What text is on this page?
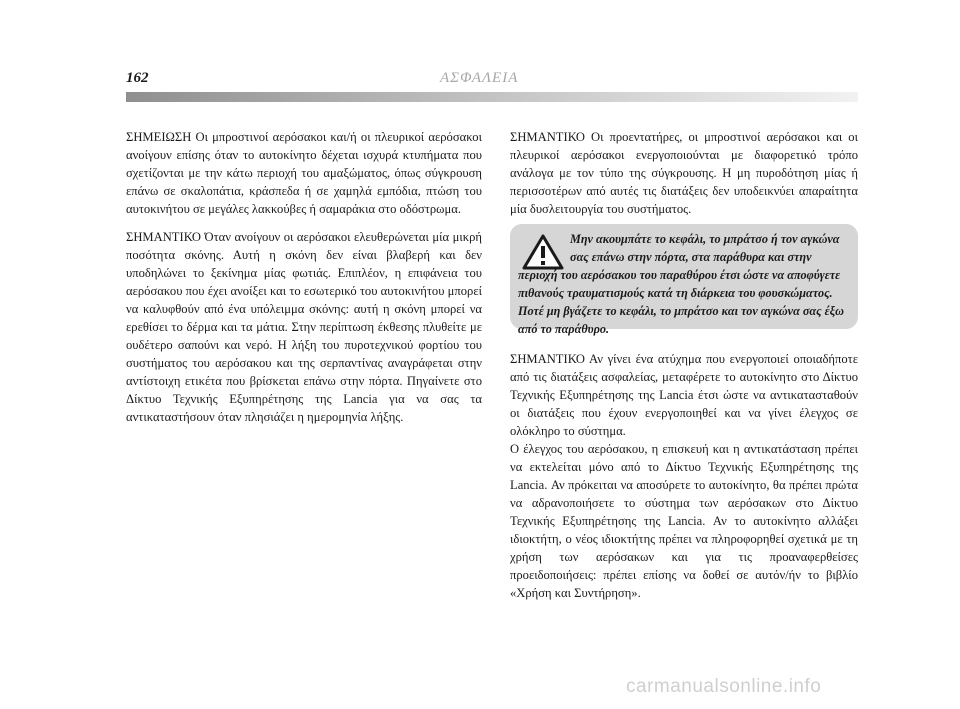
162	ΑΣΦΑΛΕΙΑ

ΣΗΜΕΙΩΣΗ Οι μπροστινοί αερόσακοι και/ή οι πλευρικοί αερόσακοι ανοίγουν επίσης όταν το αυτοκίνητο δέχεται ισχυρά κτυπήματα που σχετίζονται με την κάτω περιοχή του αμαξώματος, όπως σύγκρουση επάνω σε σκαλοπάτια, κράσπεδα ή σε χαμηλά εμπόδια, πτώση του αυτοκινήτου σε μεγάλες λακκούβες ή σαμαράκια στο οδόστρωμα.

ΣΗΜΑΝΤΙΚΟ Όταν ανοίγουν οι αερόσακοι ελευθερώνεται μία μικρή ποσότητα σκόνης. Αυτή η σκόνη δεν είναι βλαβερή και δεν υποδηλώνει το ξεκίνημα μίας φωτιάς. Επιπλέον, η επιφάνεια του αερόσακου που έχει ανοίξει και το εσωτερικό του αυτοκινήτου μπορεί να καλυφθούν από ένα υπόλειμμα σκόνης: αυτή η σκόνη μπορεί να ερεθίσει το δέρμα και τα μάτια. Στην περίπτωση έκθεσης πλυθείτε με ουδέτερο σαπούνι και νερό. Η λήξη του πυροτεχνικού φορτίου του συστήματος του αερόσακου και της σερπαντίνας αναγράφεται στην αντίστοιχη ετικέτα που βρίσκεται επάνω στην πόρτα. Πηγαίνετε στο Δίκτυο Τεχνικής Εξυπηρέτησης της Lancia για να σας τα αντικαταστήσουν όταν πλησιάζει η ημερομηνία λήξης.

ΣΗΜΑΝΤΙΚΟ Οι προεντατήρες, οι μπροστινοί αερόσακοι και οι πλευρικοί αερόσακοι ενεργοποιούνται με διαφορετικό τρόπο ανάλογα με τον τύπο της σύγκρουσης. Η μη πυροδότηση μίας ή περισσοτέρων από αυτές τις διατάξεις δεν υποδεικνύει απαραίτητα μία δυσλειτουργία του συστήματος.

Μην ακουμπάτε το κεφάλι, το μπράτσο ή τον αγκώνα σας επάνω στην πόρτα, στα παράθυρα και στην περιοχή του αερόσακου του παραθύρου έτσι ώστε να αποφύγετε πιθανούς τραυματισμούς κατά τη διάρκεια του φουσκώματος. Ποτέ μη βγάζετε το κεφάλι, το μπράτσο και τον αγκώνα σας έξω από το παράθυρο.

ΣΗΜΑΝΤΙΚΟ Αν γίνει ένα ατύχημα που ενεργοποιεί οποιαδήποτε από τις διατάξεις ασφαλείας, μεταφέρετε το αυτοκίνητο στο Δίκτυο Τεχνικής Εξυπηρέτησης της Lancia έτσι ώστε να αντικατασταθούν οι διατάξεις που έχουν ενεργοποιηθεί και να γίνει έλεγχος σε ολόκληρο το σύστημα.

Ο έλεγχος του αερόσακου, η επισκευή και η αντικατάσταση πρέπει να εκτελείται μόνο από το Δίκτυο Τεχνικής Εξυπηρέτησης της Lancia. Αν πρόκειται να αποσύρετε το αυτοκίνητο, θα πρέπει πρώτα να αδρανοποιήσετε το σύστημα των αερόσακων στο Δίκτυο Τεχνικής Εξυπηρέτησης της Lancia. Αν το αυτοκίνητο αλλάξει ιδιοκτήτη, ο νέος ιδιοκτήτης πρέπει να πληροφορηθεί σχετικά με τη χρήση των αερόσακων και για τις προαναφερθείσες προειδοποιήσεις: πρέπει επίσης να δοθεί σε αυτόν/ήν το βιβλίο «Χρήση και Συντήρηση».

carmanualsonline.info
